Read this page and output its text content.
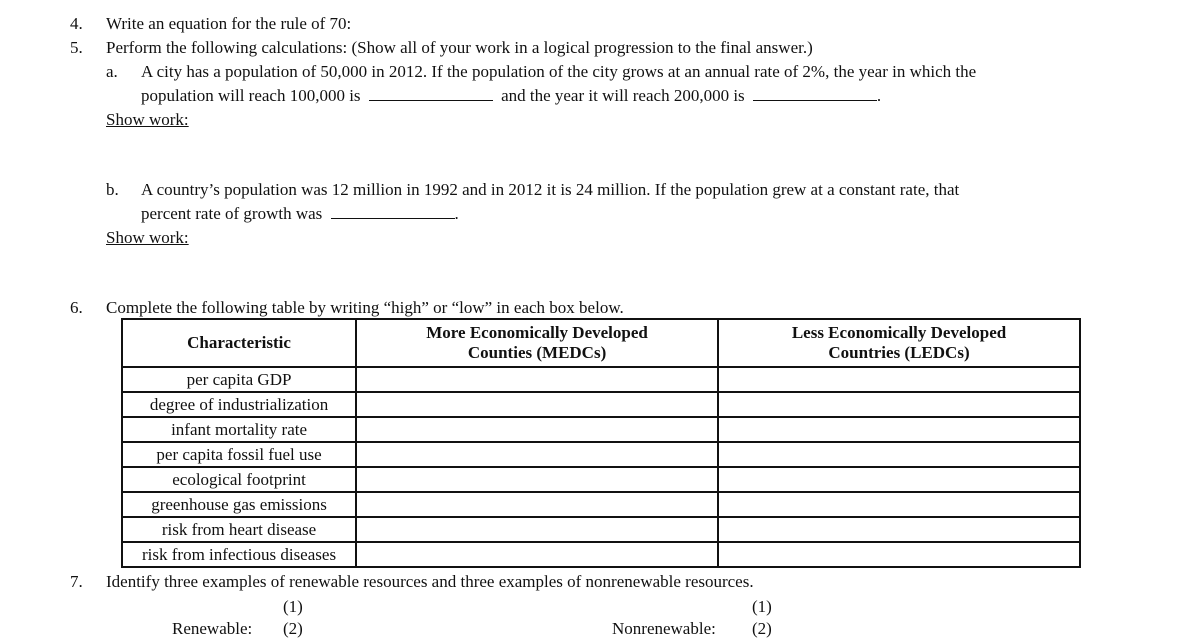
4. Write an equation for the rule of 70:
5. Perform the following calculations: (Show all of your work in a logical progression to the final answer.)
a. A city has a population of 50,000 in 2012. If the population of the city grows at an annual rate of 2%, the year in which the
population will reach 100,000 is	and the year it will reach 200,000 is	.
Show work:
b. A country’s population was 12 million in 1992 and in 2012 it is 24 million. If the population grew at a constant rate, that
percent rate of growth was	.
Show work:
6. Complete the following table by writing “high” or “low” in each box below.
Characteristic	More Economically Developed Counties (MEDCs)	Less Economically Developed Countries (LEDCs)
per capita GDP		
degree of industrialization		
infant mortality rate		
per capita fossil fuel use		
ecological footprint		
greenhouse gas emissions		
risk from heart disease		
risk from infectious diseases		
7. Identify three examples of renewable resources and three examples of nonrenewable resources.
(1)	(1)
Renewable: (2)	Nonrenewable: (2)
